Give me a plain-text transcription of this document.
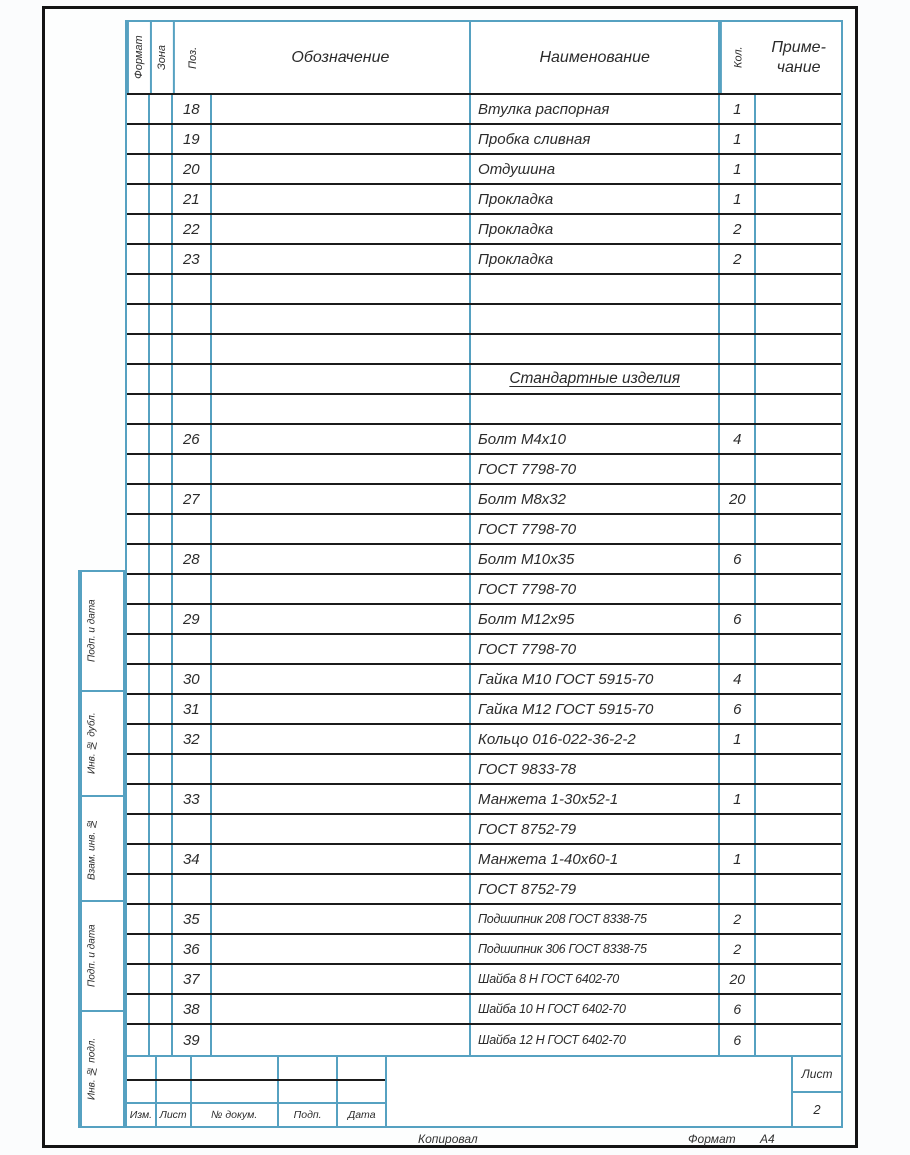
Формат Зона	Поз.	Обозначение	Наименование	Кол.	Приме-
чание
18	Втулка распорная	1
19	Пробка сливная	1
20	Отдушина	1
21	Прокладка	1
22	Прокладка	2
23	Прокладка	2
Стандартные изделия
26	Болт М4х10	4
ГОСТ 7798-70
27	Болт М8х32	20
ГОСТ 7798-70
28	Болт М10х35	6
ГОСТ 7798-70
29	Болт М12х95	6
ГОСТ 7798-70
30	Гайка М10 ГОСТ 5915-70	4
31	Гайка М12 ГОСТ 5915-70	6
32	Кольцо 016-022-36-2-2	1
ГОСТ 9833-78
33	Манжета 1-30х52-1	1
ГОСТ 8752-79
34	Манжета 1-40х60-1	1
ГОСТ 8752-79
35	Подшипник 208 ГОСТ 8338-75	2
36	Подшипник 306 ГОСТ 8338-75	2
37	Шайба 8 Н ГОСТ 6402-70	20
38	Шайба 10 Н ГОСТ 6402-70	6
39	Шайба 12 Н ГОСТ 6402-70	6
Изм. Лист	№ докум.	Подп.	Дата
Лист
2
Подп. и дата
Инв. № дубл.
Взам. инв. №
Подп. и дата
Инв. № подл.
Копировал	Формат А4
